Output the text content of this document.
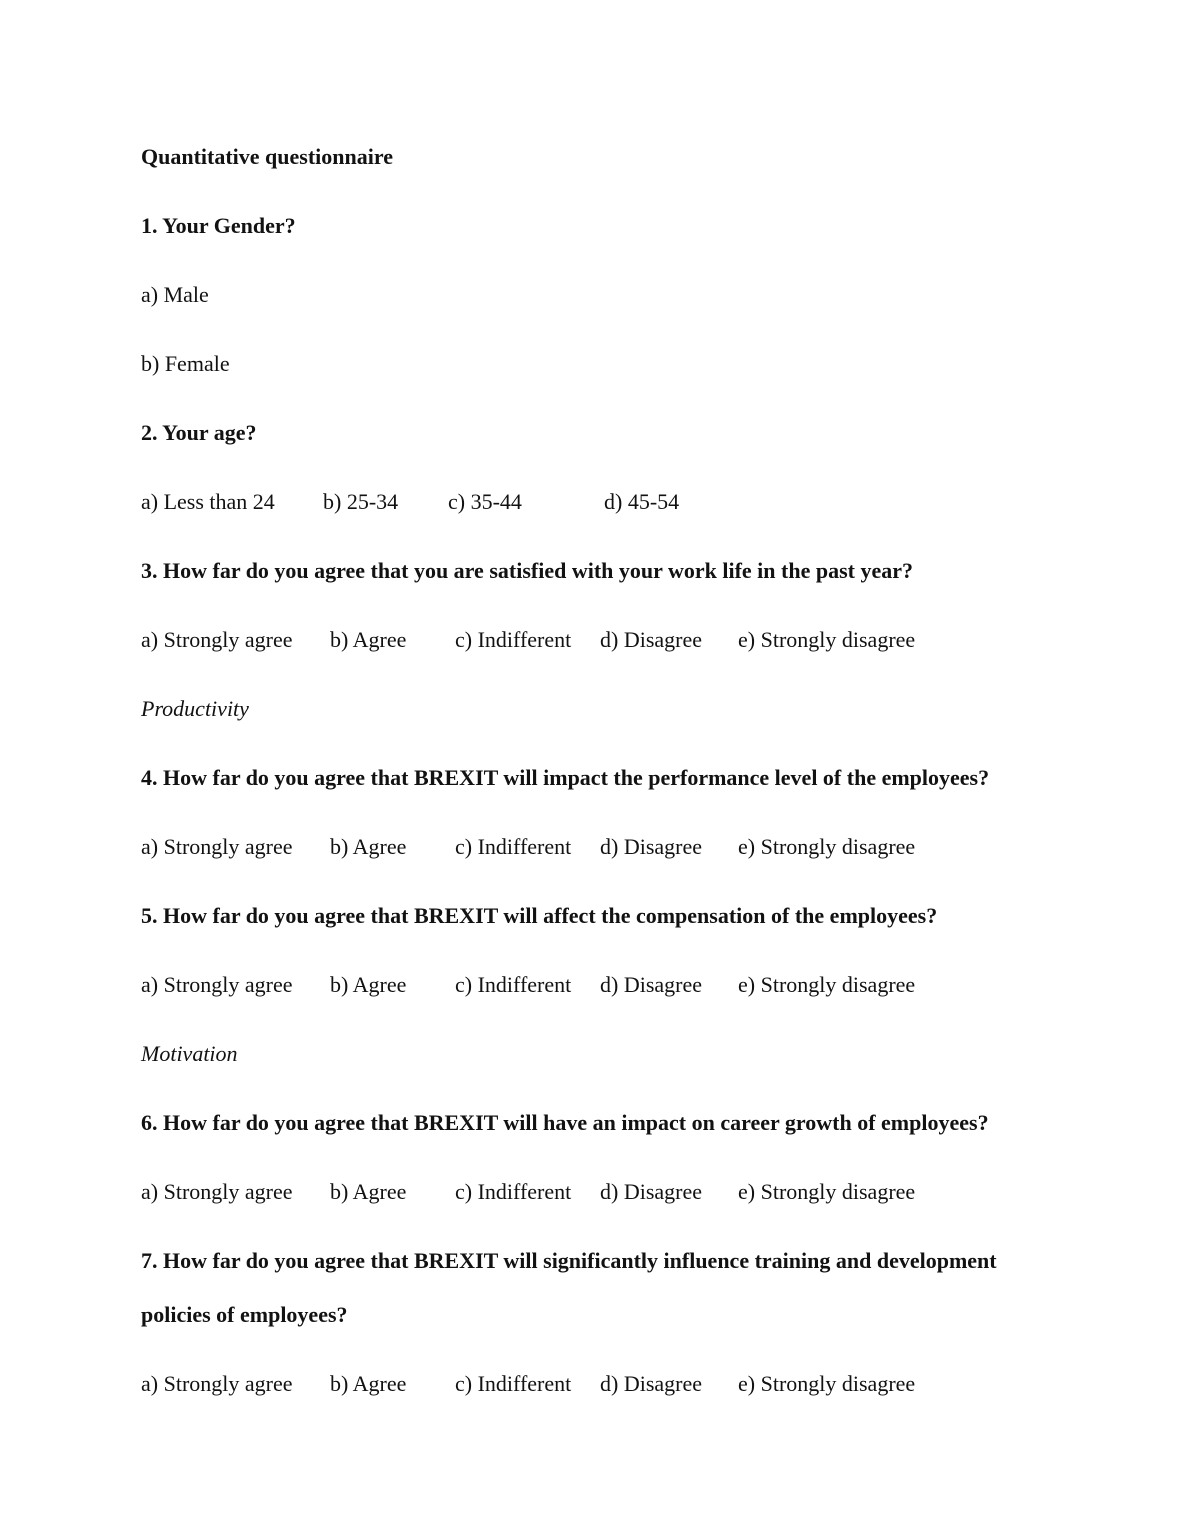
Quantitative questionnaire
1. Your Gender?
a) Male
b) Female
2. Your age?
a) Less than 24 b) 25-34 c) 35-44	d) 45-54
3. How far do you agree that you are satisfied with your work life in the past year?
a) Strongly agree b) Agree c) Indifferent d) Disagree e) Strongly disagree
Productivity
4. How far do you agree that BREXIT will impact the performance level of the employees?
a) Strongly agree b) Agree c) Indifferent d) Disagree e) Strongly disagree
5. How far do you agree that BREXIT will affect the compensation of the employees?
a) Strongly agree b) Agree c) Indifferent d) Disagree e) Strongly disagree
Motivation
6. How far do you agree that BREXIT will have an impact on career growth of employees?
a) Strongly agree b) Agree c) Indifferent d) Disagree e) Strongly disagree
7. How far do you agree that BREXIT will significantly influence training and development
policies of employees?
a) Strongly agree b) Agree c) Indifferent d) Disagree e) Strongly disagree
